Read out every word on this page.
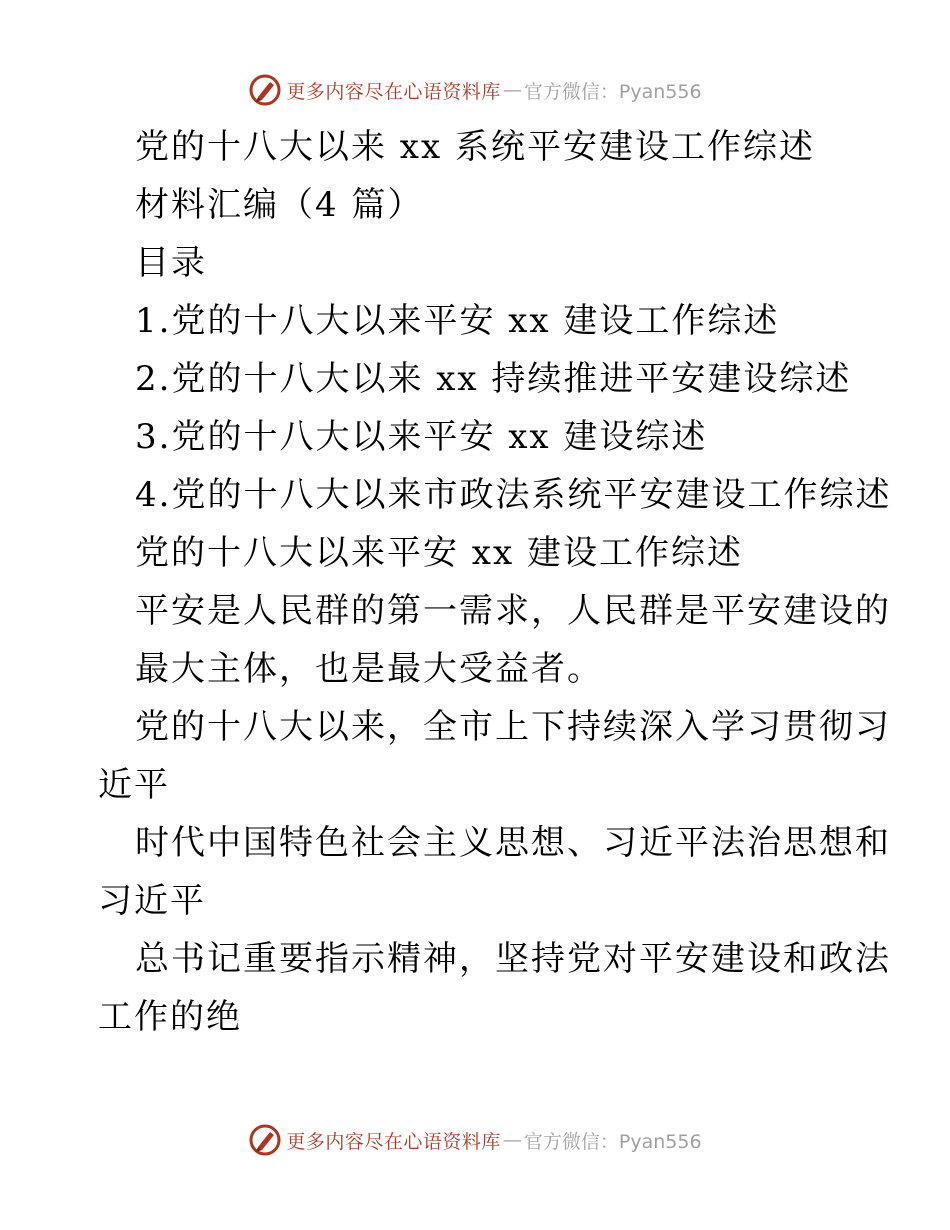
更多内容尽在心语资料库 — 官方微信：Pyan556
党的十八大以来 xx 系统平安建设工作综述
材料汇编（4 篇）
目录
1.党的十八大以来平安 xx 建设工作综述
2.党的十八大以来 xx 持续推进平安建设综述
3.党的十八大以来平安 xx 建设综述
4.党的十八大以来市政法系统平安建设工作综述
党的十八大以来平安 xx 建设工作综述
平安是人民群的第一需求，人民群是平安建设的
最大主体，也是最大受益者。
党的十八大以来，全市上下持续深入学习贯彻习
近平
时代中国特色社会主义思想、习近平法治思想和
习近平
总书记重要指示精神，坚持党对平安建设和政法
工作的绝
更多内容尽在心语资料库 — 官方微信：Pyan556
